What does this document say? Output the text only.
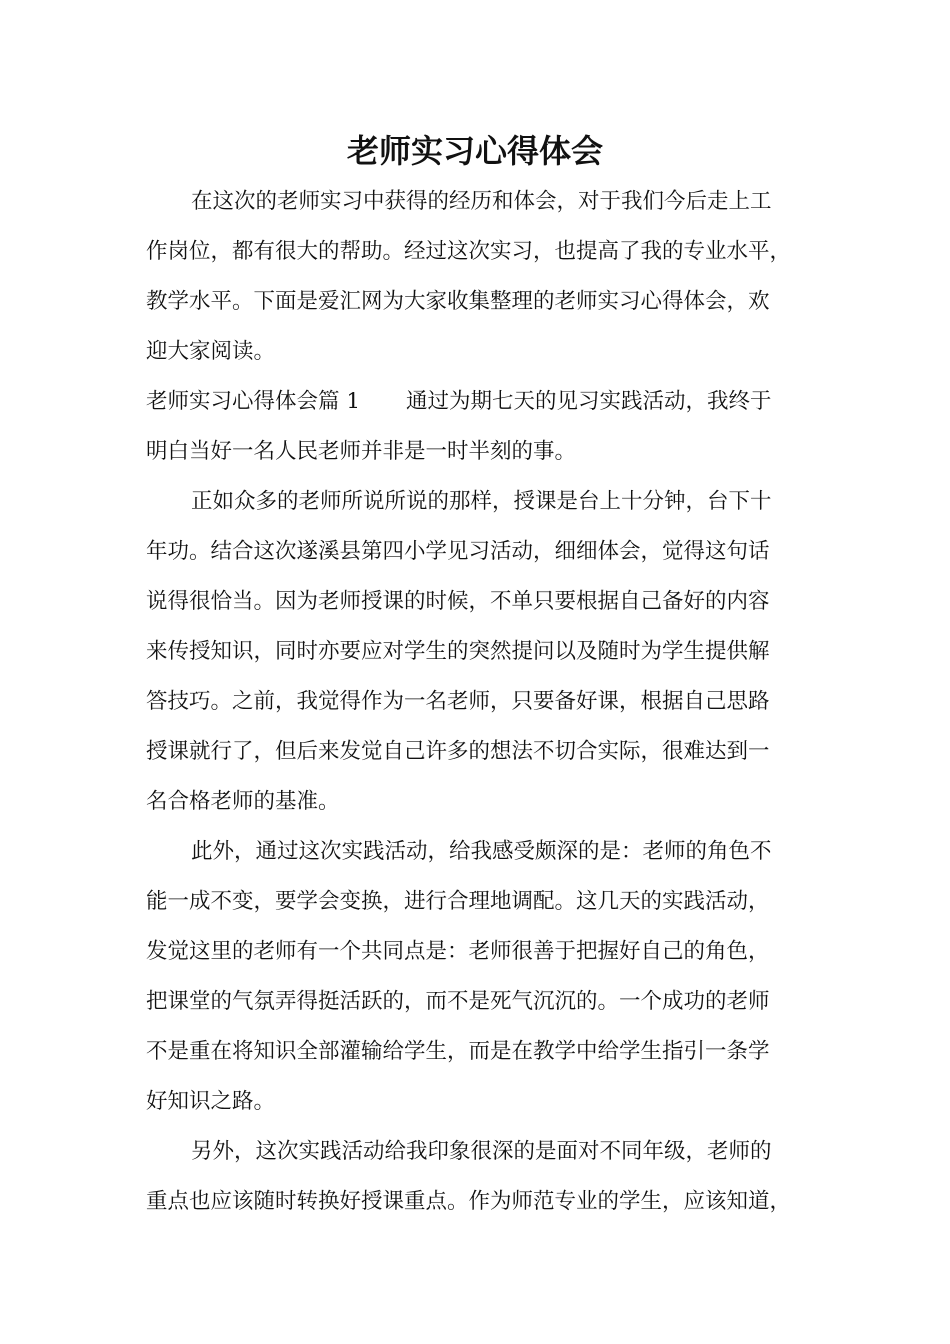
老师实习心得体会

在这次的老师实习中获得的经历和体会，对于我们今后走上工

作岗位，都有很大的帮助。经过这次实习，也提高了我的专业水平，

教学水平。下面是爱汇网为大家收集整理的老师实习心得体会，欢

迎大家阅读。

老师实习心得体会篇 1 通过为期七天的见习实践活动，我终于

明白当好一名人民老师并非是一时半刻的事。

正如众多的老师所说所说的那样，授课是台上十分钟，台下十

年功。结合这次遂溪县第四小学见习活动，细细体会，觉得这句话

说得很恰当。因为老师授课的时候，不单只要根据自己备好的内容

来传授知识，同时亦要应对学生的突然提问以及随时为学生提供解

答技巧。之前，我觉得作为一名老师，只要备好课，根据自己思路

授课就行了，但后来发觉自己许多的想法不切合实际，很难达到一

名合格老师的基准。

此外，通过这次实践活动，给我感受颇深的是：老师的角色不

能一成不变，要学会变换，进行合理地调配。这几天的实践活动，

发觉这里的老师有一个共同点是：老师很善于把握好自己的角色，

把课堂的气氛弄得挺活跃的，而不是死气沉沉的。一个成功的老师

不是重在将知识全部灌输给学生，而是在教学中给学生指引一条学

好知识之路。

另外，这次实践活动给我印象很深的是面对不同年级，老师的

重点也应该随时转换好授课重点。作为师范专业的学生，应该知道，
